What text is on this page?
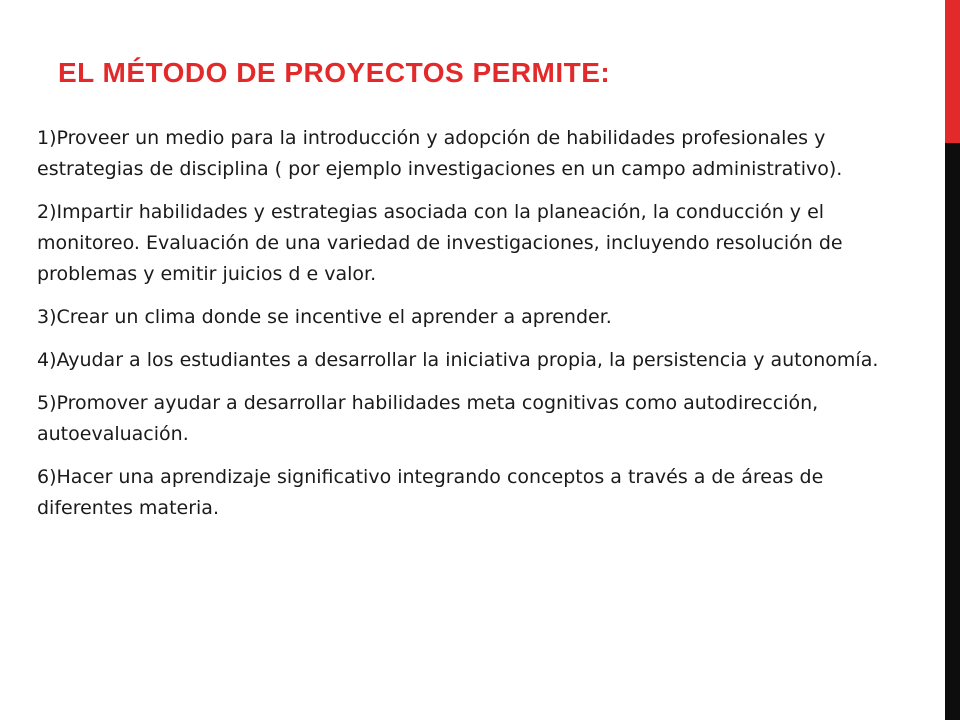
EL MÉTODO DE PROYECTOS PERMITE:
1)Proveer un medio para la introducción y adopción de habilidades profesionales y estrategias de disciplina ( por ejemplo investigaciones en un campo administrativo).
2)Impartir habilidades y estrategias asociada con la planeación, la conducción y el monitoreo. Evaluación de una variedad de investigaciones, incluyendo resolución de problemas y emitir juicios d e valor.
3)Crear un clima donde se incentive el aprender a aprender.
4)Ayudar a los estudiantes a desarrollar la iniciativa propia, la persistencia y autonomía.
5)Promover ayudar a desarrollar habilidades meta cognitivas como autodirección, autoevaluación.
6)Hacer una aprendizaje significativo integrando conceptos a través a de áreas de diferentes materia.
